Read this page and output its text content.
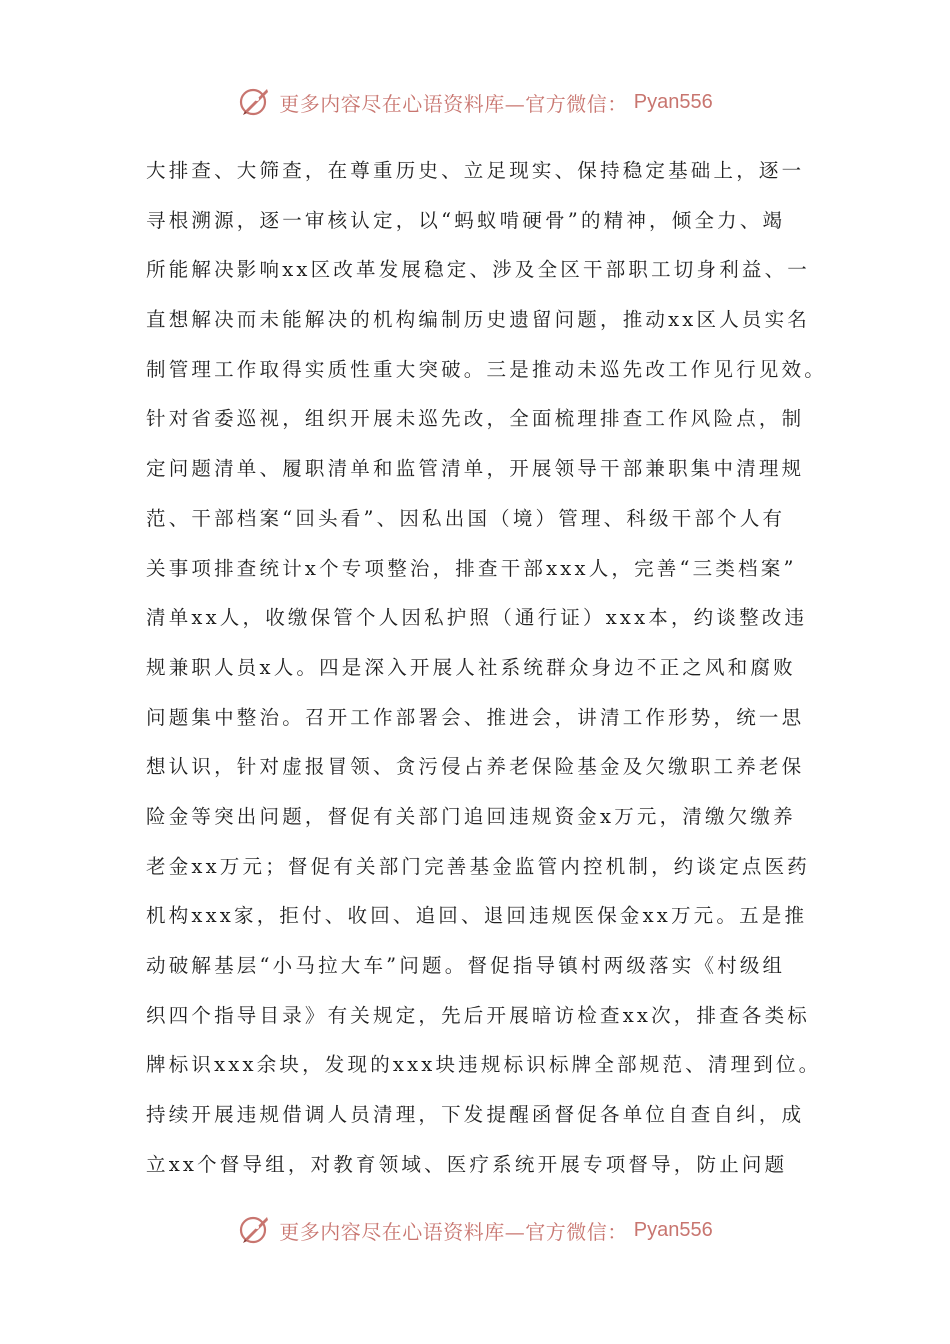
更多内容尽在心语资料库—官方微信： Pyan556
大排查、大筛查，在尊重历史、立足现实、保持稳定基础上，逐一
寻根溯源，逐一审核认定，以“蚂蚁啃硬骨”的精神，倾全力、竭
所能解决影响xx区改革发展稳定、涉及全区干部职工切身利益、一
直想解决而未能解决的机构编制历史遗留问题，推动xx区人员实名
制管理工作取得实质性重大突破。三是推动未巡先改工作见行见效。
针对省委巡视，组织开展未巡先改，全面梳理排查工作风险点，制
定问题清单、履职清单和监管清单，开展领导干部兼职集中清理规
范、干部档案“回头看”、因私出国（境）管理、科级干部个人有
关事项排查统计x个专项整治，排查干部xxx人，完善“三类档案”
清单xx人，收缴保管个人因私护照（通行证）xxx本，约谈整改违
规兼职人员x人。四是深入开展人社系统群众身边不正之风和腐败
问题集中整治。召开工作部署会、推进会，讲清工作形势，统一思
想认识，针对虚报冒领、贪污侵占养老保险基金及欠缴职工养老保
险金等突出问题，督促有关部门追回违规资金x万元，清缴欠缴养
老金xx万元；督促有关部门完善基金监管内控机制，约谈定点医药
机构xxx家，拒付、收回、追回、退回违规医保金xx万元。五是推
动破解基层“小马拉大车”问题。督促指导镇村两级落实《村级组
织四个指导目录》有关规定，先后开展暗访检查xx次，排查各类标
牌标识xxx余块，发现的xxx块违规标识标牌全部规范、清理到位。
持续开展违规借调人员清理，下发提醒函督促各单位自查自纠，成
立xx个督导组，对教育领域、医疗系统开展专项督导，防止问题
更多内容尽在心语资料库—官方微信： Pyan556
